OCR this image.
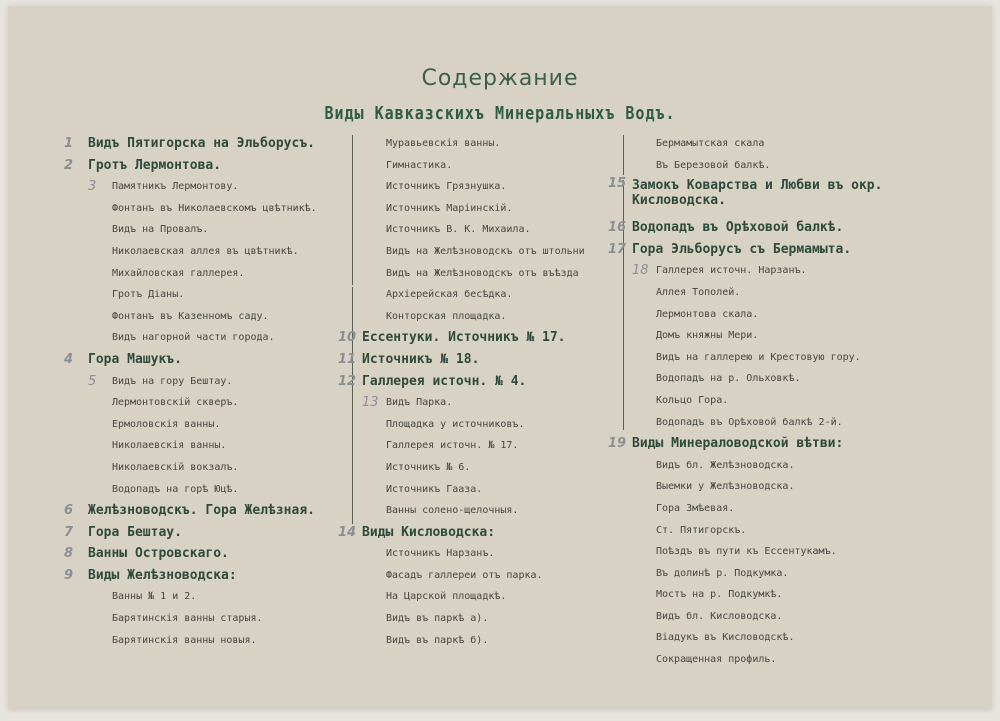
Содержание
Виды Кавказскихъ Минеральныхъ Водъ.
1 Видъ Пятигорска на Эльборусъ.
2 Гротъ Лермонтова.
3 Памятникъ Лермонтову.
Фонтанъ въ Николаевскомъ цвѣтникѣ.
Видъ на Провалъ.
Николаевская аллея въ цвѣтникѣ.
Михайловская галлерея.
Гротъ Діаны.
Фонтанъ въ Казенномъ саду.
Видъ нагорной части города.
4 Гора Машукъ.
5 Видъ на гору Бештау.
Лермонтовскій скверъ.
Ермоловскія ванны.
Николаевскія ванны.
Николаевскій вокзалъ.
Водопадъ на горѣ Юцѣ.
6 Желѣзноводскъ. Гора Желѣзная.
7 Гора Бештау.
8 Ванны Островскаго.
9 Виды Желѣзноводска:
Ванны № 1 и 2.
Барятинскія ванны старыя.
Барятинскія ванны новыя.
Муравьевскія ванны.
Гимнастика.
Источникъ Грязнушка.
Источникъ Маріинскій.
Источникъ В. К. Михаила.
Видъ на Желѣзноводскъ отъ штольни
Видъ на Желѣзноводскъ отъ въѣзда
Архіерейская бесѣдка.
Конторская площадка.
10 Ессентуки. Источникъ № 17.
11 Источникъ № 18.
12 Галлерея источн. № 4.
13 Видъ Парка.
Площадка у источниковъ.
Галлерея источн. № 17.
Источникъ № 6.
Источникъ Гааза.
Ванны солено-щелочныя.
14 Виды Кисловодска:
Источникъ Нарзанъ.
Фасадъ галлереи отъ парка.
На Царской площадкѣ.
Видъ въ паркѣ а).
Видъ въ паркѣ б).
Бермамытская скала
Въ Березовой балкѣ.
15 Замокъ Коварства и Любви въ окр. Кисловодска.
16 Водопадъ въ Орѣховой балкѣ.
17 Гора Эльборусъ съ Бермамыта.
18 Галлерея источн. Нарзанъ.
Аллея Тополей.
Лермонтова скала.
Домъ княжны Мери.
Видъ на галлерею и Крестовую гору.
Водопадъ на р. Ольховкѣ.
Кольцо Гора.
Водопадъ въ Орѣховой балкѣ 2-й.
19 Виды Минераловодской вѣтви:
Видъ бл. Желѣзноводска.
Выемки у Желѣзноводска.
Гора Змѣевая.
Ст. Пятигорскъ.
Поѣздъ въ пути къ Ессентукамъ.
Въ долинѣ р. Подкумка.
Мостъ на р. Подкумкѣ.
Видъ бл. Кисловодска.
Віадукъ въ Кисловодскѣ.
Сокращенная профиль.
